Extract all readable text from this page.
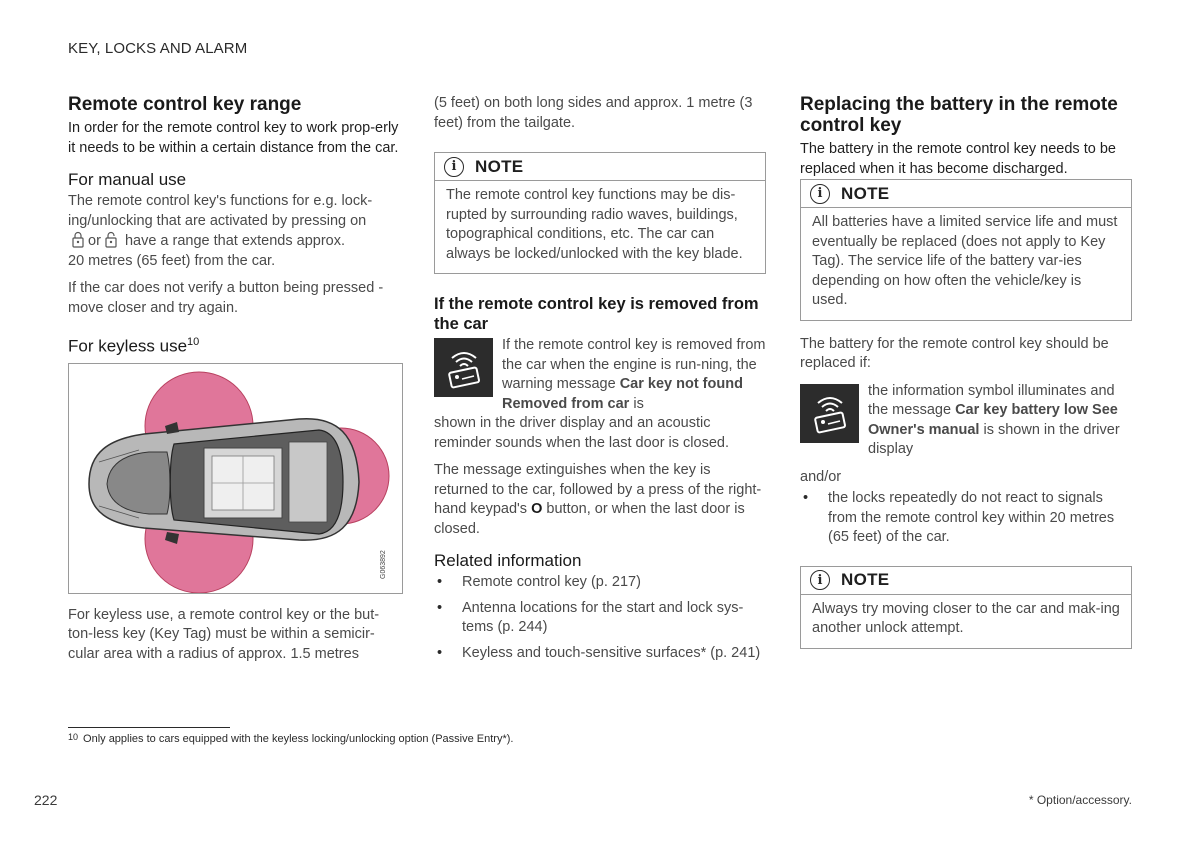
KEY, LOCKS AND ALARM
Remote control key range

In order for the remote control key to work prop-erly it needs to be within a certain distance from the car.

For manual use

The remote control key's functions for e.g. lock-ing/unlocking that are activated by pressing on
or have a range that extends approx.
20 metres (65 feet) from the car.

If the car does not verify a button being pressed - move closer and try again.

For keyless use$^{10}$
G063892

For keyless use, a remote control key or the but-ton-less key (Key Tag) must be within a semicir-cular area with a radius of approx. 1.5 metres

(5 feet) on both long sides and approx. 1 metre (3 feet) from the tailgate.

i	NOTE

The remote control key functions may be dis-rupted by surrounding radio waves, buildings, topographical conditions, etc. The car can always be locked/unlocked with the key blade.

If the remote control key is removed from the car

If the remote control key is removed from the car when the engine is run-ning, the warning message Car key not found Removed from car is

shown in the driver display and an acoustic reminder sounds when the last door is closed.

The message extinguishes when the key is returned to the car, followed by a press of the right-hand keypad's O button, or when the last door is closed.

Related information
• Remote control key (p. 217)
• Antenna locations for the start and lock sys-tems (p. 244)
• Keyless and touch-sensitive surfaces* (p. 241)
Replacing the battery in the remote control key

The battery in the remote control key needs to be replaced when it has become discharged.

i	NOTE

All batteries have a limited service life and must eventually be replaced (does not apply to Key Tag). The service life of the battery var-ies depending on how often the vehicle/key is used.

The battery for the remote control key should be replaced if:

the information symbol illuminates and the message Car key battery low See Owner's manual is shown in the driver display

and/or

• the locks repeatedly do not react to signals from the remote control key within 20 metres (65 feet) of the car.
i	NOTE

Always try moving closer to the car and mak-ing another unlock attempt.

10 Only applies to cars equipped with the keyless locking/unlocking option (Passive Entry*).
222	* Option/accessory.
